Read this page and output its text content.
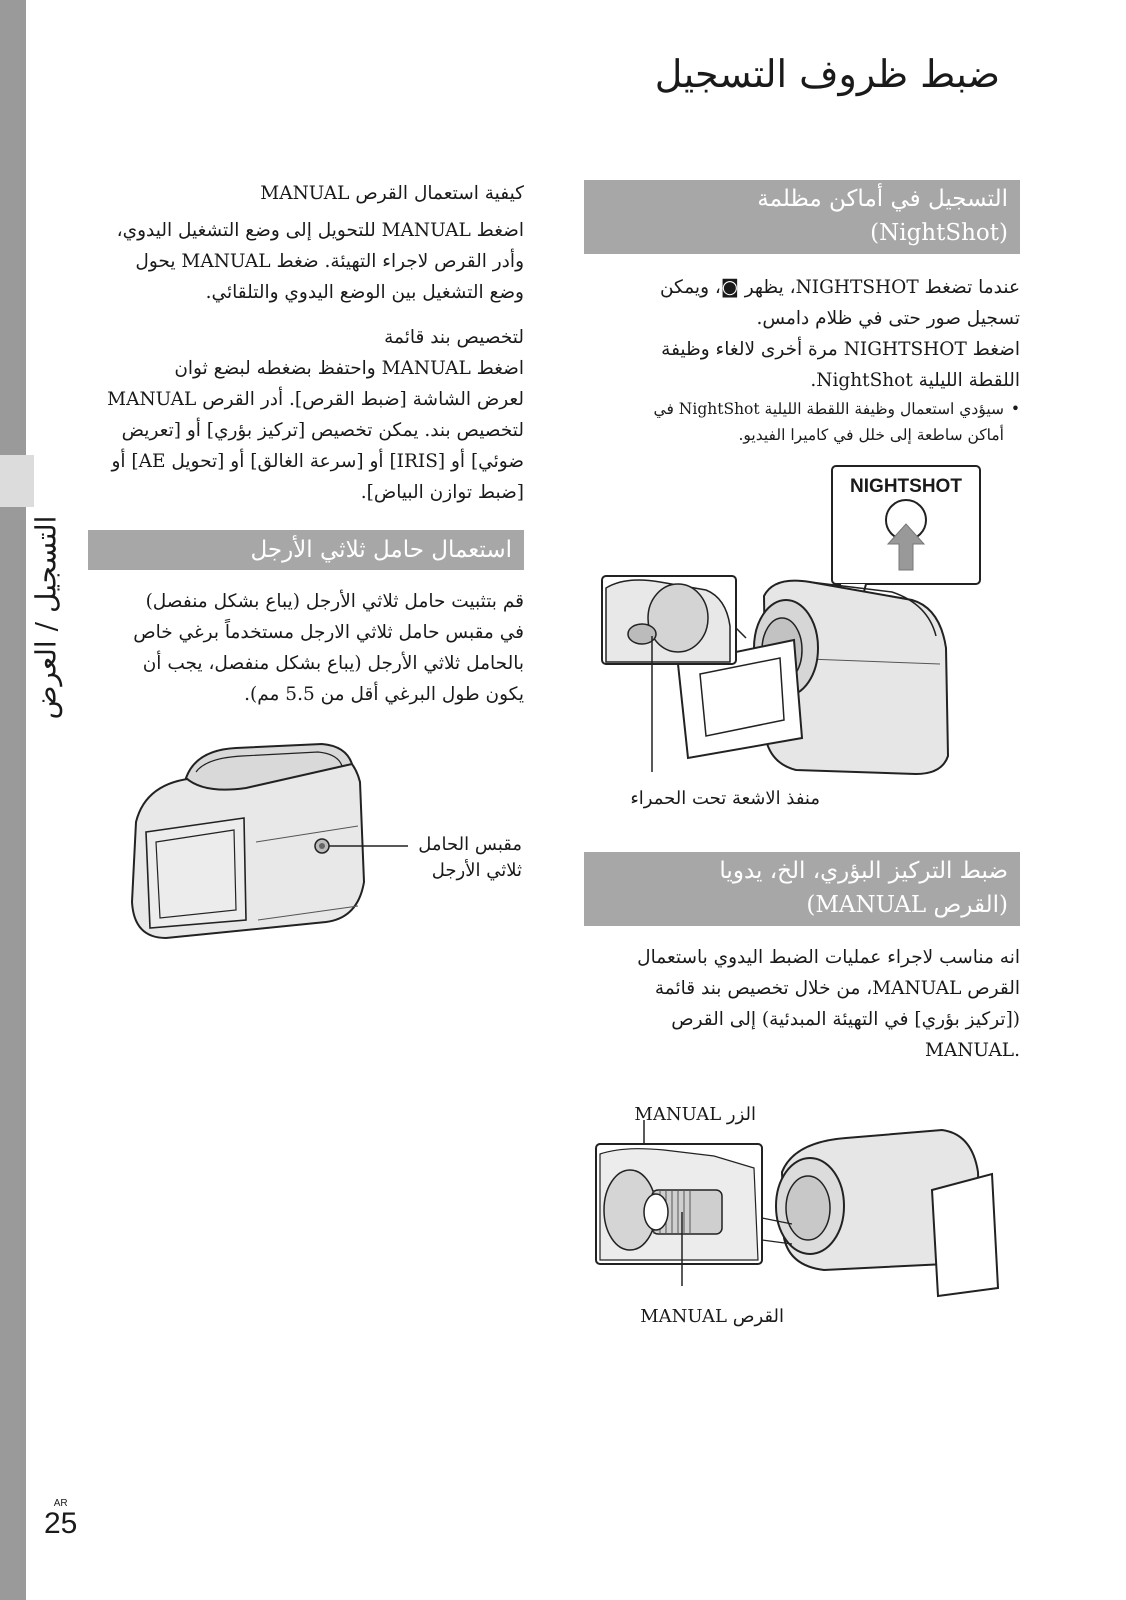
التسجيل / العرض
ضبط ظروف التسجيل
التسجيل في أماكن مظلمة
(NightShot)

عندما تضغط NIGHTSHOT، يظهر ◙، ويمكن

تسجيل صور حتى في ظلام دامس.

اضغط NIGHTSHOT مرة أخرى لالغاء وظيفة

اللقطة الليلية NightShot.

• سيؤدي استعمال وظيفة اللقطة الليلية NightShot في
أماكن ساطعة إلى خلل في كاميرا الفيديو.

NIGHTSHOT
منفذ الاشعة تحت الحمراء
ضبط التركيز البؤري، الخ، يدويا
(القرص MANUAL)

انه مناسب لاجراء عمليات الضبط اليدوي باستعمال

القرص MANUAL، من خلال تخصيص بند قائمة

([تركيز بؤري] في التهيئة المبدئية) إلى القرص

.MANUAL

الزر MANUAL
القرص MANUAL

كيفية استعمال القرص MANUAL

اضغط MANUAL للتحويل إلى وضع التشغيل اليدوي،

وأدر القرص لاجراء التهيئة. ضغط MANUAL يحول

وضع التشغيل بين الوضع اليدوي والتلقائي.

لتخصيص بند قائمة

اضغط MANUAL واحتفظ بضغطه لبضع ثوان

لعرض الشاشة [ضبط القرص]. أدر القرص MANUAL

لتخصيص بند. يمكن تخصيص [تركيز بؤري] أو [تعريض

ضوئي] أو [IRIS] أو [سرعة الغالق] أو [تحويل AE] أو

[ضبط توازن البياض].

استعمال حامل ثلاثي الأرجل

قم بتثبيت حامل ثلاثي الأرجل (يباع بشكل منفصل)

في مقبس حامل ثلاثي الارجل مستخدماً برغي خاص

بالحامل ثلاثي الأرجل (يباع بشكل منفصل، يجب أن

يكون طول البرغي أقل من 5.5 مم).

مقبس الحامل
ثلاثي الأرجل
AR
25
